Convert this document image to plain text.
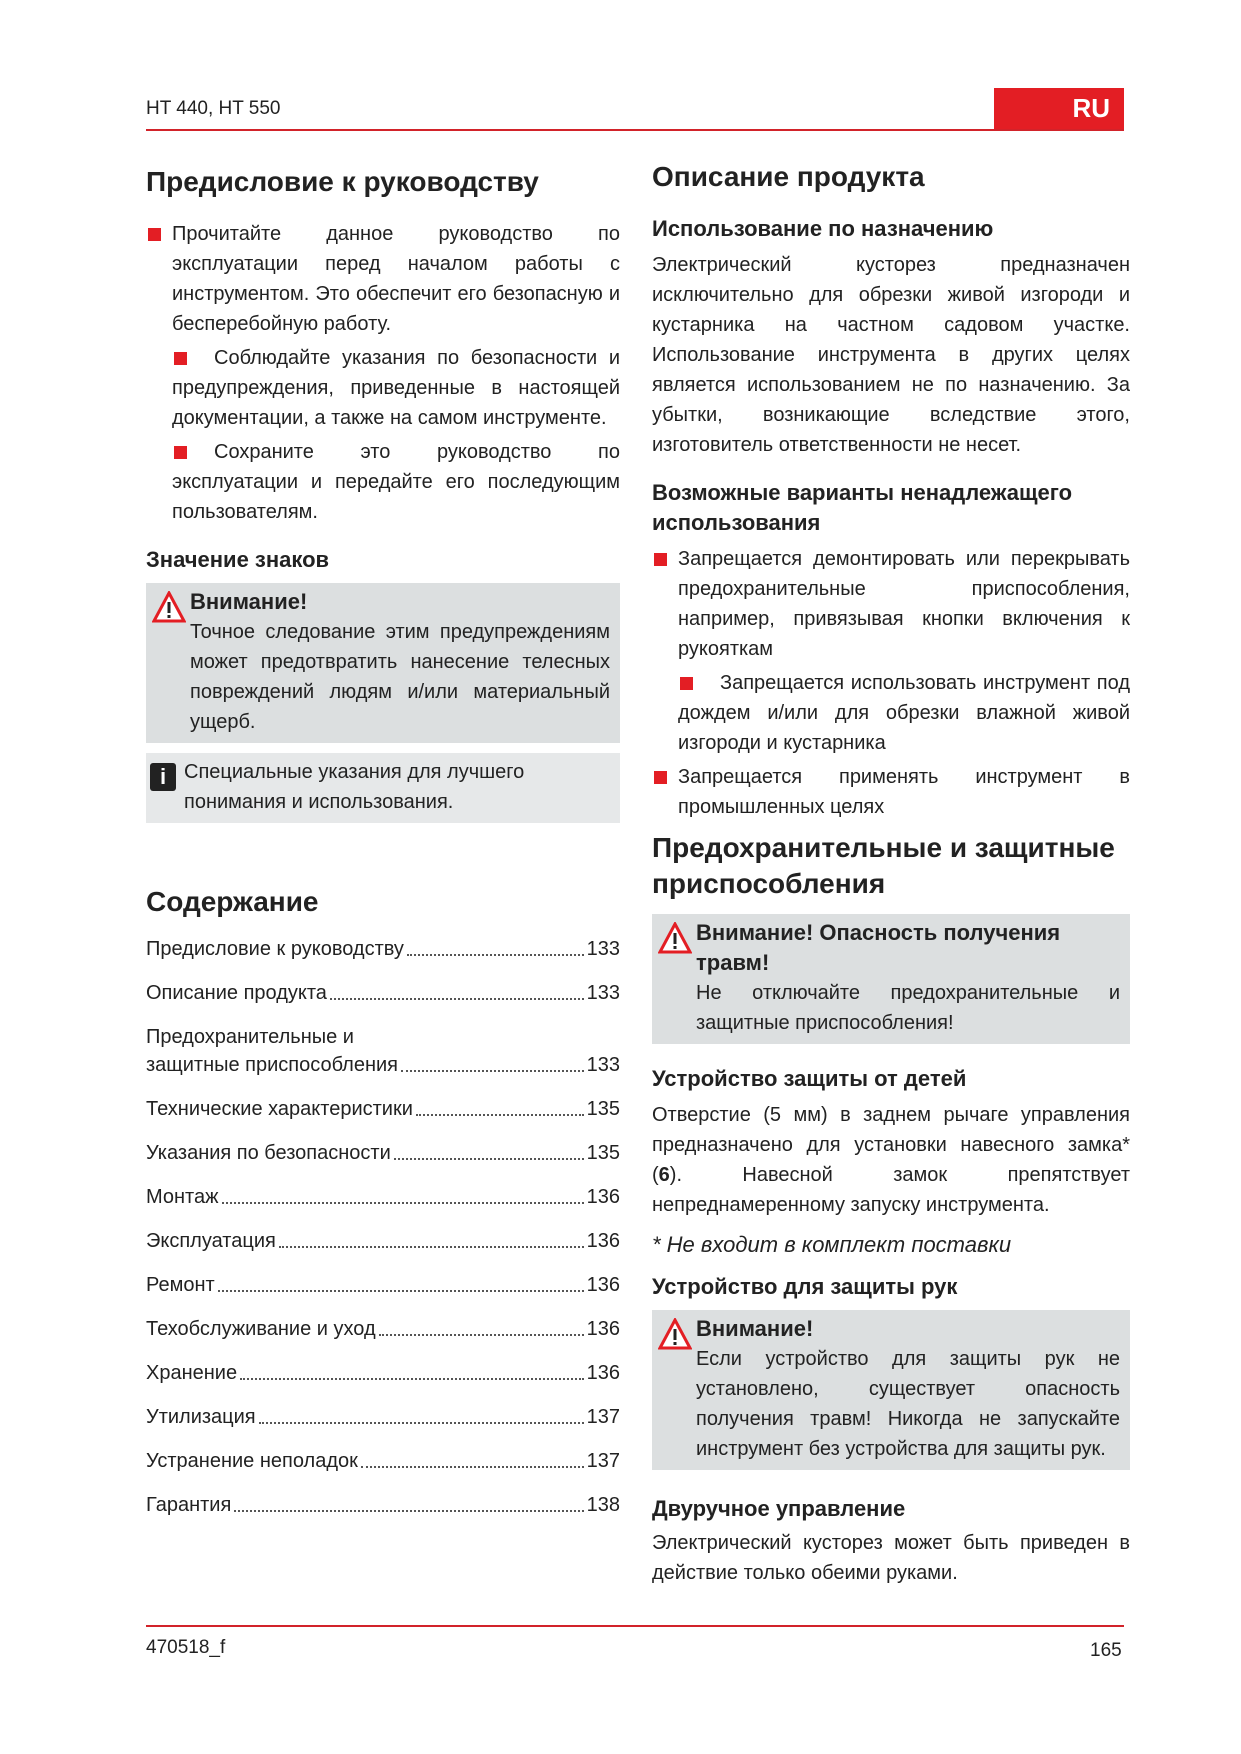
HT 440, HT 550	RU
Предисловие к руководству
Прочитайте данное руководство по эксплуатации перед началом работы с инструментом. Это обеспечит его безопасную и бесперебойную работу.
Соблюдайте указания по безопасности и предупреждения, приведенные в настоящей документации, а также на самом инструменте.
Сохраните это руководство по эксплуатации и передайте его последующим пользователям.
Значение знаков
Внимание!
Точное следование этим предупреждениям может предотвратить нанесение телесных повреждений людям и/или материальный ущерб.
i Специальные указания для лучшего понимания и использования.
Содержание
Предисловие к руководству	133
Описание продукта	133
Предохранительные и
защитные приспособления	133
Технические характеристики	135
Указания по безопасности	135
Монтаж	136
Эксплуатация	136
Ремонт	136
Техобслуживание и уход	136
Хранение	136
Утилизация	137
Устранение неполадок	137
Гарантия	138
Описание продукта
Использование по назначению

Электрический кусторез предназначен исключительно для обрезки живой изгороди и кустарника на частном садовом участке. Использование инструмента в других целях является использованием не по назначению. За убытки, возникающие вследствие этого, изготовитель ответственности не несет.

Возможные варианты ненадлежащего использования
Запрещается демонтировать или перекрывать предохранительные приспособления, например, привязывая кнопки включения к рукояткам
Запрещается использовать инструмент под дождем и/или для обрезки влажной живой изгороди и кустарника
Запрещается применять инструмент в промышленных целях
Предохранительные и защитные приспособления
Внимание! Опасность получения травм!
Не отключайте предохранительные и защитные приспособления!
Устройство защиты от детей

Отверстие (5 мм) в заднем рычаге управления предназначено для установки навесного замка* (6). Навесной замок препятствует непреднамеренному запуску инструмента.

* Не входит в комплект поставки

Устройство для защиты рук
Внимание!
Если устройство для защиты рук не установлено, существует опасность получения травм! Никогда не запускайте инструмент без устройства для защиты рук.
Двуручное управление

Электрический кусторез может быть приведен в действие только обеими руками.

470518_f	165
